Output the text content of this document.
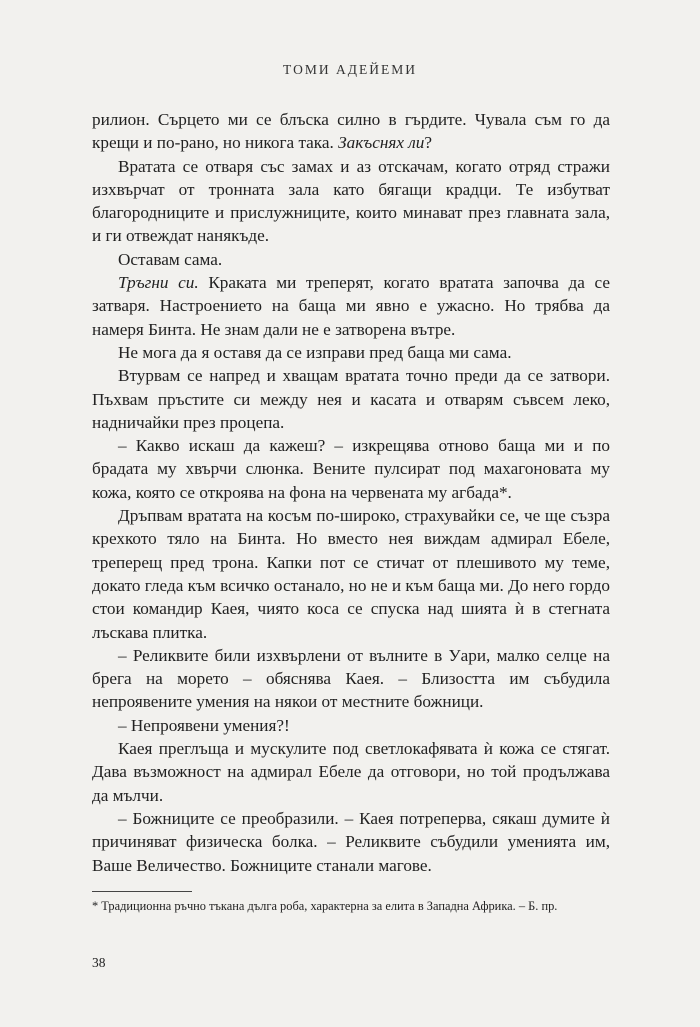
ТОМИ АДЕЙЕМИ

рилион. Сърцето ми се блъска силно в гърдите. Чувала съм го да крещи и по-рано, но никога така. Закъснях ли?

Вратата се отваря със замах и аз отскачам, когато отряд стражи изхвърчат от тронната зала като бягащи крадци. Те избутват благородниците и прислужниците, които минават през главната зала, и ги отвеждат нанякъде.

Оставам сама.

Тръгни си. Краката ми треперят, когато вратата започва да се затваря. Настроението на баща ми явно е ужасно. Но трябва да намеря Бинта. Не знам дали не е затворена вътре.

Не мога да я оставя да се изправи пред баща ми сама.

Втурвам се напред и хващам вратата точно преди да се затвори. Пъхвам пръстите си между нея и касата и отварям съвсем леко, надничайки през процепа.

– Какво искаш да кажеш? – изкрещява отново баща ми и по брадата му хвърчи слюнка. Вените пулсират под махагоновата му кожа, която се откроява на фона на червената му агбада*.

Дръпвам вратата на косъм по-широко, страхувайки се, че ще съзра крехкото тяло на Бинта. Но вместо нея виждам адмирал Ебеле, треперещ пред трона. Капки пот се стичат от плешивото му теме, докато гледа към всичко останало, но не и към баща ми. До него гордо стои командир Каея, чиято коса се спуска над шията ѝ в стегната лъскава плитка.

– Реликвите били изхвърлени от вълните в Уари, малко селце на брега на морето – обяснява Каея. – Близостта им събудила непроявените умения на някои от местните божници.

– Непроявени умения?!

Каея преглъща и мускулите под светлокафявата ѝ кожа се стягат. Дава възможност на адмирал Ебеле да отговори, но той продължава да мълчи.

– Божниците се преобразили. – Каея потреперва, сякаш думите ѝ причиняват физическа болка. – Реликвите събудили уменията им, Ваше Величество. Божниците станали магове.

* Традиционна ръчно тъкана дълга роба, характерна за елита в Западна Африка. – Б. пр.
38
